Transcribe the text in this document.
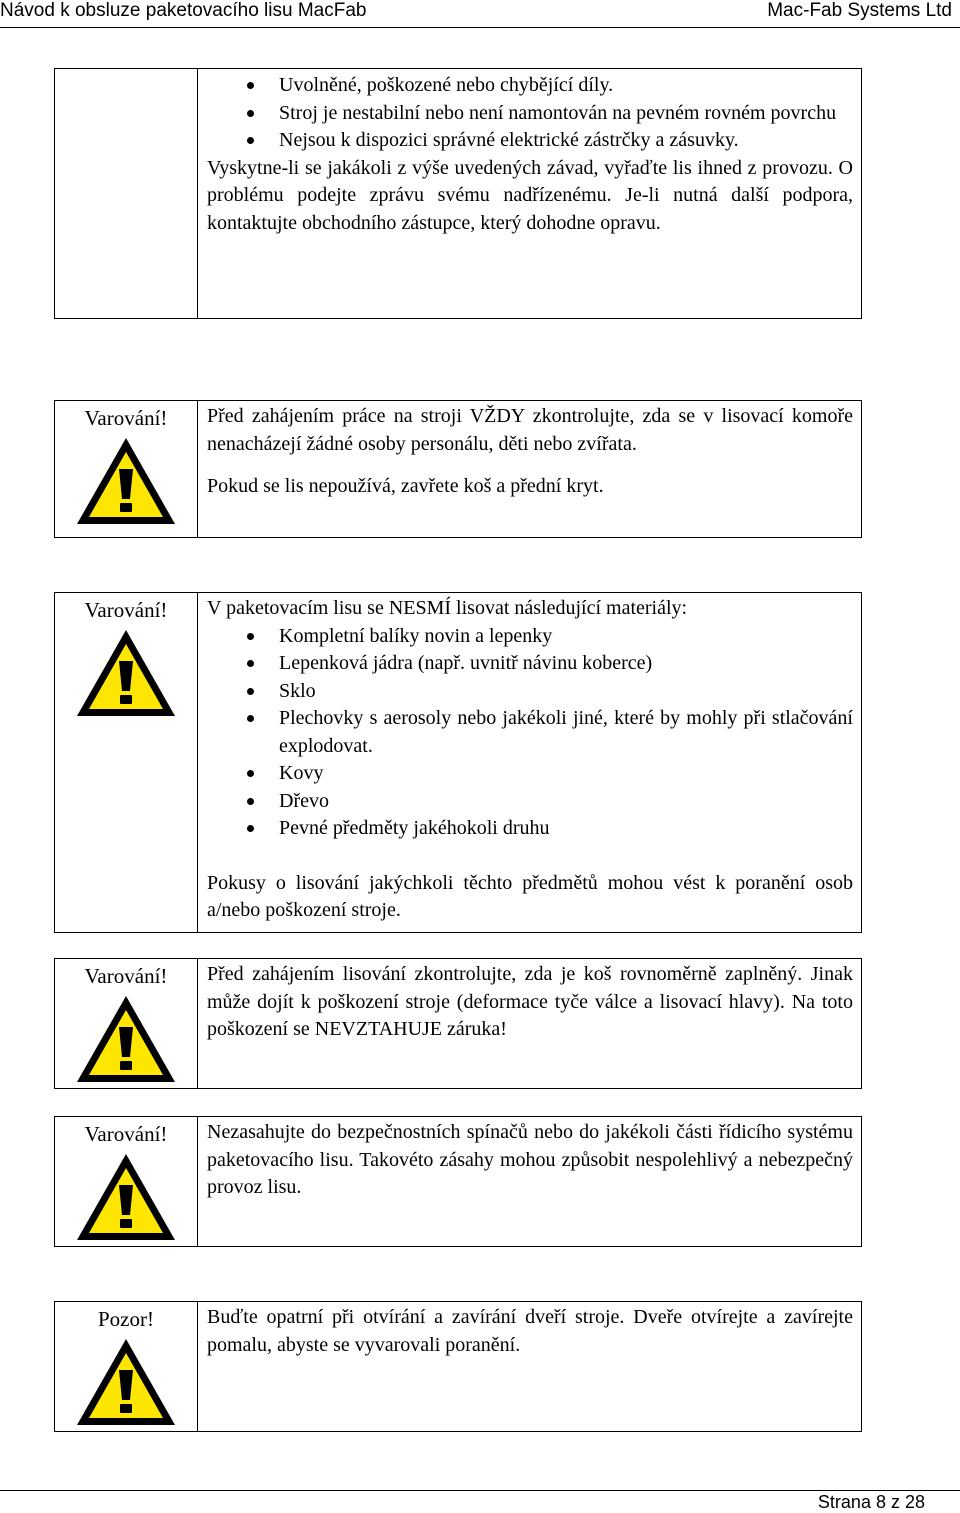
Návod k obsluze paketovacího lisu MacFab	Mac-Fab Systems Ltd
Uvolněné, poškozené nebo chybějící díly.
Stroj je nestabilní nebo není namontován na pevném rovném povrchu
Nejsou k dispozici správné elektrické zástrčky a zásuvky.

Vyskytne-li se jakákoli z výše uvedených závad, vyřaďte lis ihned z provozu. O problému podejte zprávu svému nadřízenému. Je-li nutná další podpora, kontaktujte obchodního zástupce, který dohodne opravu.

Varování!	Před zahájením práce na stroji VŽDY zkontrolujte, zda se v lisovací komoře nenacházejí žádné osoby personálu, děti nebo zvířata.

Pokud se lis nepoužívá, zavřete koš a přední kryt.

Varování!	V paketovacím lisu se NESMÍ lisovat následující materiály:

Kompletní balíky novin a lepenky
Lepenková jádra (např. uvnitř návinu koberce)
Sklo
Plechovky s aerosoly nebo jakékoli jiné, které by mohly při stlačování explodovat.
Kovy
Dřevo
Pevné předměty jakéhokoli druhu

Pokusy o lisování jakýchkoli těchto předmětů mohou vést k poranění osob a/nebo poškození stroje.

Varování!	Před zahájením lisování zkontrolujte, zda je koš rovnoměrně zaplněný. Jinak může dojít k poškození stroje (deformace tyče válce a lisovací hlavy). Na toto poškození se NEVZTAHUJE záruka!

Varování!	Nezasahujte do bezpečnostních spínačů nebo do jakékoli části řídicího systému paketovacího lisu. Takovéto zásahy mohou způsobit nespolehlivý a nebezpečný provoz lisu.

Pozor!	Buďte opatrní při otvírání a zavírání dveří stroje. Dveře otvírejte a zavírejte pomalu, abyste se vyvarovali poranění.

Strana 8 z 28
